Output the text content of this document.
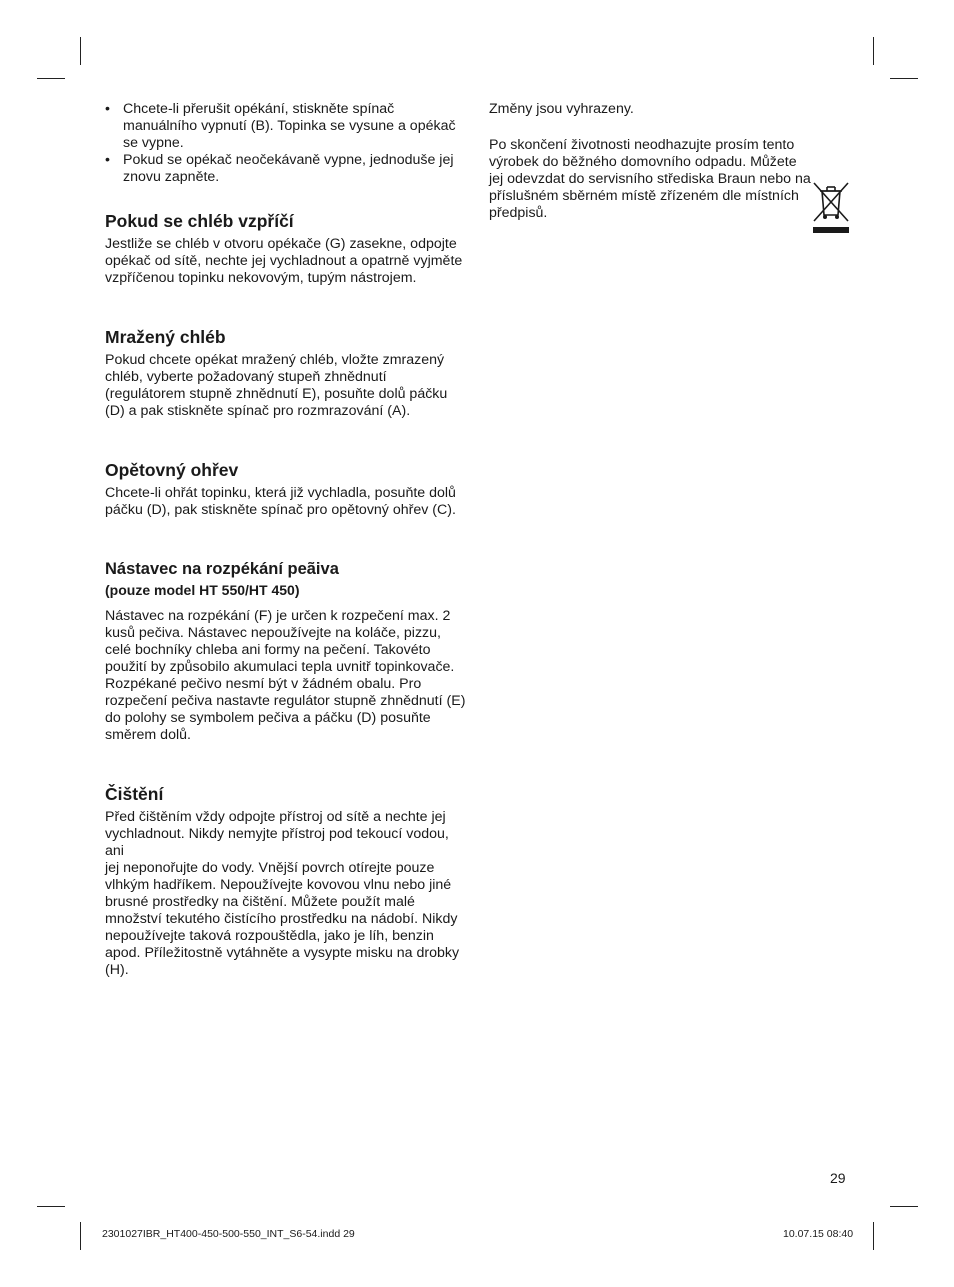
• Chcete-li přerušit opékání, stiskněte spínač manuálního vypnutí (B). Topinka se vysune a opékač se vypne.
• Pokud se opékač neočekávaně vypne, jednoduše jej znovu zapněte.
Pokud se chléb vzpříčí

Jestliže se chléb v otvoru opékače (G) zasekne, odpojte opékač od sítě, nechte jej vychladnout a opatrně vyjměte vzpříčenou topinku nekovovým, tupým nástrojem.

Mražený chléb

Pokud chcete opékat mražený chléb, vložte zmrazený chléb, vyberte požadovaný stupeň zhnědnutí (regulátorem stupně zhnědnutí E), posuňte dolů páčku (D) a pak stiskněte spínač pro rozmrazování (A).

Opětovný ohřev

Chcete-li ohřát topinku, která již vychladla, posuňte dolů páčku (D), pak stiskněte spínač pro opětovný ohřev (C).

Nástavec na rozpékání peãiva
(pouze model HT 550/HT 450)

Nástavec na rozpékání (F) je určen k rozpečení max. 2 kusů pečiva. Nástavec nepoužívejte na koláče, pizzu, celé bochníky chleba ani formy na pečení. Takovéto použití by způsobilo akumulaci tepla uvnitř topinkovače. Rozpékané pečivo nesmí být v žádném obalu. Pro rozpečení pečiva nastavte regulátor stupně zhnědnutí (E) do polohy se symbolem pečiva a páčku (D) posuňte směrem dolů.

Čištění

Před čištěním vždy odpojte přístroj od sítě a nechte jej vychladnout. Nikdy nemyjte přístroj pod tekoucí vodou, ani

jej neponořujte do vody. Vnější povrch otírejte pouze vlhkým hadříkem. Nepoužívejte kovovou vlnu nebo jiné brusné prostředky na čištění. Můžete použít malé množství tekutého čistícího prostředku na nádobí. Nikdy nepoužívejte taková rozpouštědla, jako je líh, benzin apod. Příležitostně vytáhněte a vysypte misku na drobky (H).

Změny jsou vyhrazeny.

Po skončení životnosti neodhazujte prosím tento výrobek do běžného domovního odpadu. Můžete jej odevzdat do servisního střediska Braun nebo na příslušném sběrném místě zřízeném dle místních předpisů.

29
2301027IBR_HT400-450-500-550_INT_S6-54.indd 29	10.07.15 08:40
